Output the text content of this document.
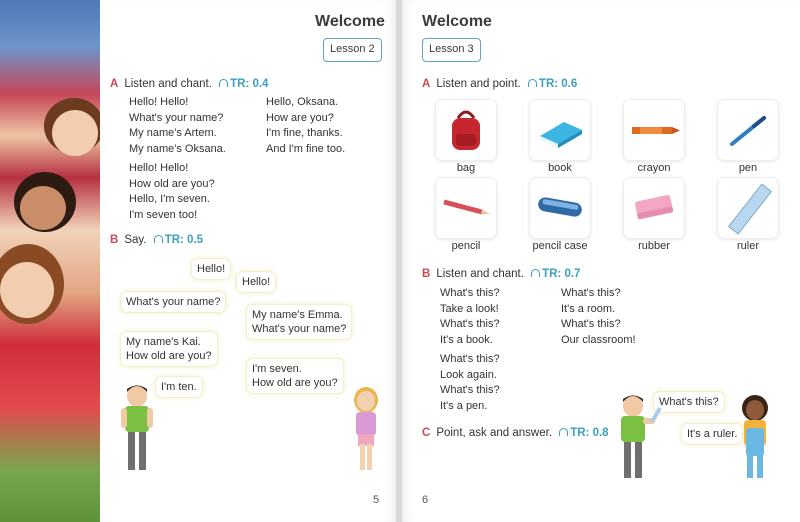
Welcome
Lesson 2
A Listen and chant. TR: 0.4
Hello! Hello!
What's your name?
My name's Artem.
My name's Oksana.
Hello! Hello!
How old are you?
Hello, I'm seven.
I'm seven too!
Hello, Oksana.
How are you?
I'm fine, thanks.
And I'm fine too.
B Say. TR: 0.5
Hello!
Hello!
What's your name?
My name's Emma.
What's your name?
My name's Kai.
How old are you?
I'm seven.
How old are you?
I'm ten.
5
Welcome
Lesson 3
A Listen and point. TR: 0.6
bag	book	crayon	pen
pencil	pencil case	rubber	ruler
B Listen and chant. TR: 0.7
What's this?
Take a look!
What's this?
It's a book.
What's this?
Look again.
What's this?
It's a pen.
What's this?
It's a room.
What's this?
Our classroom!
C Point, ask and answer. TR: 0.8
What's this?
It's a ruler.
6
